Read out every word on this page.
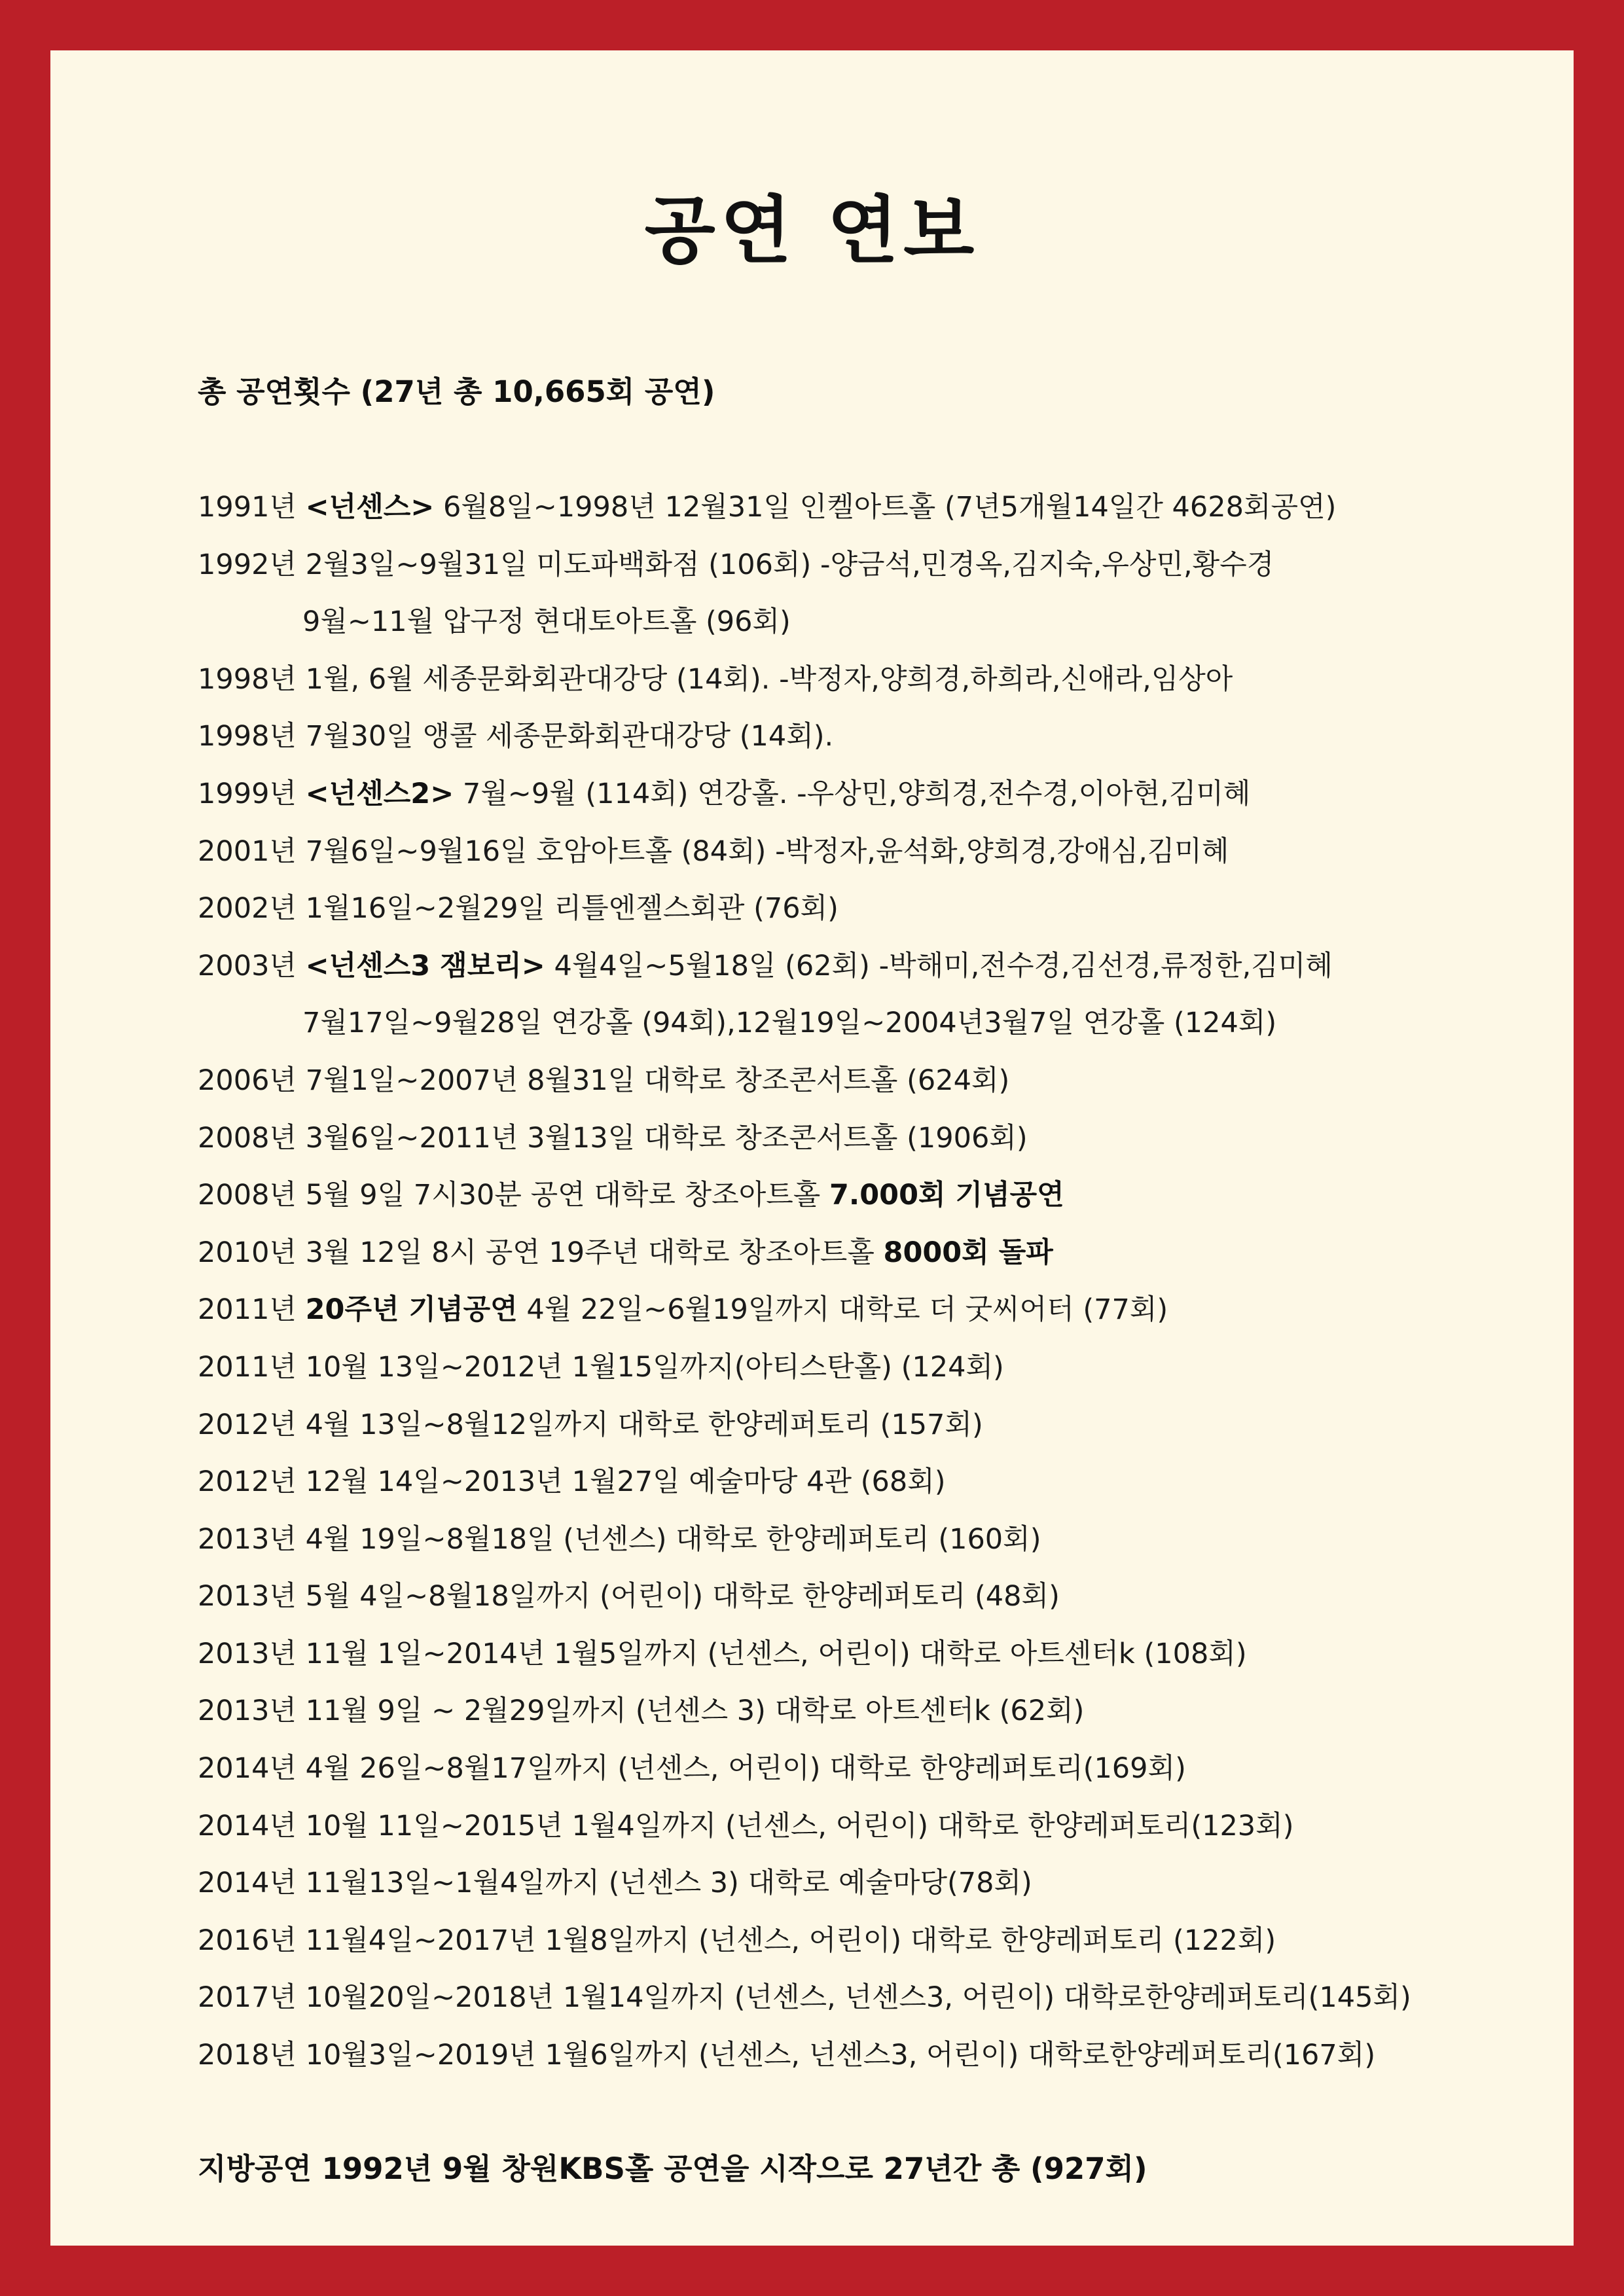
공연 연보
총 공연횟수 (27년 총 10,665회 공연)
1991년 <넌센스> 6월8일~1998년 12월31일 인켈아트홀 (7년5개월14일간 4628회공연)
1992년 2월3일~9월31일 미도파백화점 (106회) -양금석,민경옥,김지숙,우상민,황수경
9월~11월 압구정 현대토아트홀 (96회)
1998년 1월, 6월 세종문화회관대강당 (14회). -박정자,양희경,하희라,신애라,임상아
1998년 7월30일 앵콜 세종문화회관대강당 (14회).
1999년 <넌센스2> 7월~9월 (114회) 연강홀. -우상민,양희경,전수경,이아현,김미혜
2001년 7월6일~9월16일 호암아트홀 (84회) -박정자,윤석화,양희경,강애심,김미혜
2002년 1월16일~2월29일 리틀엔젤스회관 (76회)
2003년 <넌센스3 잼보리> 4월4일~5월18일 (62회) -박해미,전수경,김선경,류정한,김미혜
7월17일~9월28일 연강홀 (94회),12월19일~2004년3월7일 연강홀 (124회)
2006년 7월1일~2007년 8월31일 대학로 창조콘서트홀 (624회)
2008년 3월6일~2011년 3월13일 대학로 창조콘서트홀 (1906회)
2008년 5월 9일 7시30분 공연 대학로 창조아트홀 7.000회 기념공연
2010년 3월 12일 8시 공연 19주년 대학로 창조아트홀 8000회 돌파
2011년 20주년 기념공연 4월 22일~6월19일까지 대학로 더 굿씨어터 (77회)
2011년 10월 13일~2012년 1월15일까지(아티스탄홀) (124회)
2012년 4월 13일~8월12일까지 대학로 한양레퍼토리 (157회)
2012년 12월 14일~2013년 1월27일 예술마당 4관 (68회)
2013년 4월 19일~8월18일 (넌센스) 대학로 한양레퍼토리 (160회)
2013년 5월 4일~8월18일까지 (어린이) 대학로 한양레퍼토리 (48회)
2013년 11월 1일~2014년 1월5일까지 (넌센스, 어린이) 대학로 아트센터k (108회)
2013년 11월 9일 ~ 2월29일까지 (넌센스 3) 대학로 아트센터k (62회)
2014년 4월 26일~8월17일까지 (넌센스, 어린이) 대학로 한양레퍼토리(169회)
2014년 10월 11일~2015년 1월4일까지 (넌센스, 어린이) 대학로 한양레퍼토리(123회)
2014년 11월13일~1월4일까지 (넌센스 3) 대학로 예술마당(78회)
2016년 11월4일~2017년 1월8일까지 (넌센스, 어린이) 대학로 한양레퍼토리 (122회)
2017년 10월20일~2018년 1월14일까지 (넌센스, 넌센스3, 어린이) 대학로한양레퍼토리(145회)
2018년 10월3일~2019년 1월6일까지 (넌센스, 넌센스3, 어린이) 대학로한양레퍼토리(167회)
지방공연 1992년 9월 창원KBS홀 공연을 시작으로 27년간 총 (927회)
